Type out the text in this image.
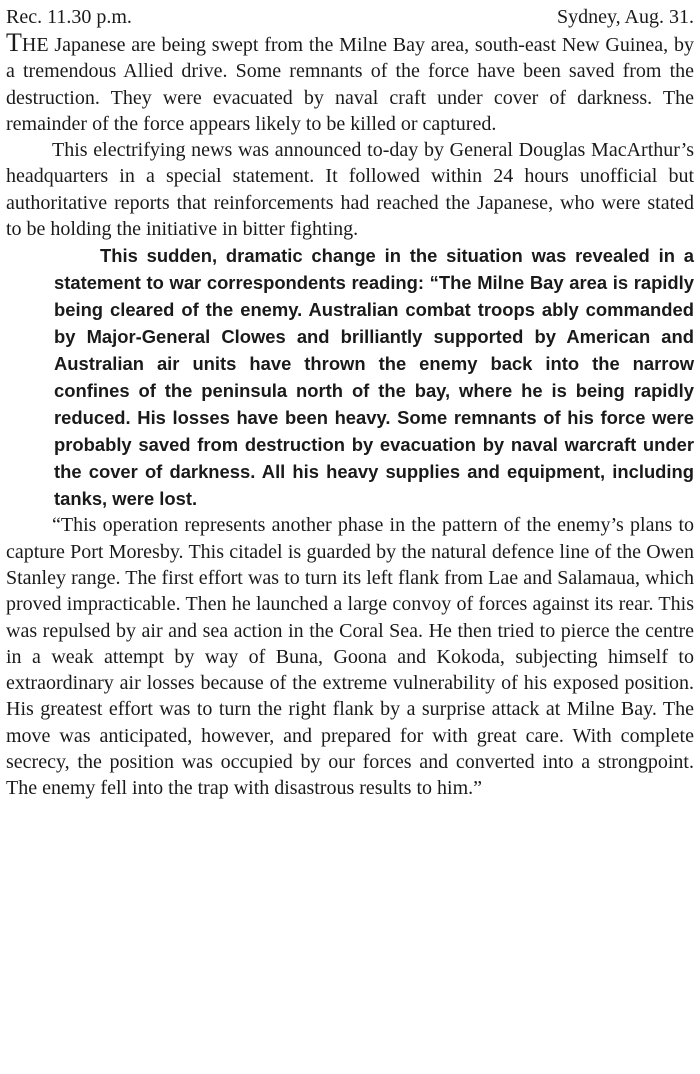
Rec. 11.30 p.m.	Sydney, Aug. 31.

THE Japanese are being swept from the Milne Bay area, south-east New Guinea, by a tremendous Allied drive. Some remnants of the force have been saved from the destruction. They were evacuated by naval craft under cover of darkness. The remainder of the force appears likely to be killed or captured.

This electrifying news was announced to-day by General Douglas MacArthur’s headquarters in a special statement. It followed within 24 hours unofficial but authoritative reports that reinforcements had reached the Japanese, who were stated to be holding the initiative in bitter fighting.

This sudden, dramatic change in the situation was revealed in a statement to war correspondents reading: “The Milne Bay area is rapidly being cleared of the enemy. Australian combat troops ably commanded by Major-General Clowes and brilliantly supported by American and Australian air units have thrown the enemy back into the narrow confines of the peninsula north of the bay, where he is being rapidly reduced. His losses have been heavy. Some remnants of his force were probably saved from destruction by evacuation by naval warcraft under the cover of darkness. All his heavy supplies and equipment, including tanks, were lost.

“This operation represents another phase in the pattern of the enemy’s plans to capture Port Moresby. This citadel is guarded by the natural defence line of the Owen Stanley range. The first effort was to turn its left flank from Lae and Salamaua, which proved impracticable. Then he launched a large convoy of forces against its rear. This was repulsed by air and sea action in the Coral Sea. He then tried to pierce the centre in a weak attempt by way of Buna, Goona and Kokoda, subjecting himself to extraordinary air losses because of the extreme vulnerability of his exposed position. His greatest effort was to turn the right flank by a surprise attack at Milne Bay. The move was anticipated, however, and prepared for with great care. With complete secrecy, the position was occupied by our forces and converted into a strongpoint. The enemy fell into the trap with disastrous results to him.”
